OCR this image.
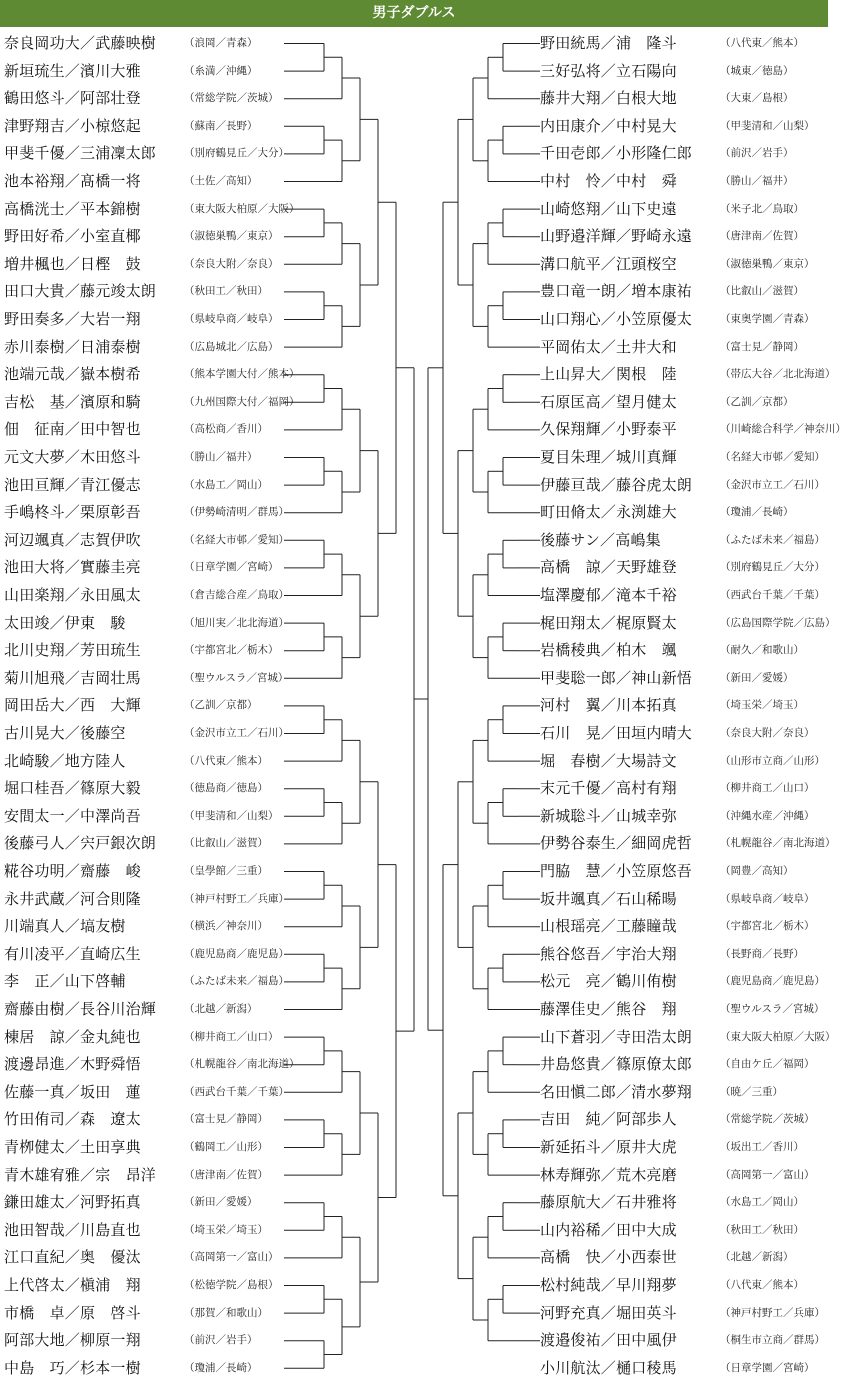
男子ダブルス
奈良岡功大／武藤映樹	（浪岡／青森）
新垣琉生／濱川大雅	（糸満／沖縄）
鶴田悠斗／阿部壮登	（常総学院／茨城）
津野翔吉／小椋悠起	（蘇南／長野）
甲斐千優／三浦凜太郎	（別府鶴見丘／大分）
池本裕翔／髙橋一将	（土佐／高知）
高橋洸士／平本錦樹	（東大阪大柏原／大阪）
野田好希／小室直椰	（淑徳巣鴨／東京）
増井楓也／日樫　鼓	（奈良大附／奈良）
田口大貴／藤元竣太朗	（秋田工／秋田）
野田奏多／大岩一翔	（県岐阜商／岐阜）
赤川泰樹／日浦泰樹	（広島城北／広島）
池端元哉／嶽本樹希	（熊本学園大付／熊本）
吉松　基／濱原和騎	（九州国際大付／福岡）
佃　征南／田中智也	（高松商／香川）
元文大夢／木田悠斗	（勝山／福井）
池田亘輝／青江優志	（水島工／岡山）
手嶋柊斗／栗原彰吾	（伊勢崎清明／群馬）
河辺颯真／志賀伊吹	（名経大市邨／愛知）
池田大将／實藤圭亮	（日章学園／宮崎）
山田楽翔／永田風太	（倉吉総合産／鳥取）
太田竣／伊東　駿	（旭川実／北北海道）
北川史翔／芳田琉生	（宇都宮北／栃木）
菊川旭飛／吉岡壮馬	（聖ウルスラ／宮城）
岡田岳大／西　大輝	（乙訓／京都）
古川晃大／後藤空	（金沢市立工／石川）
北崎駿／地方陸人	（八代東／熊本）
堀口桂吾／篠原大毅	（徳島商／徳島）
安間太一／中澤尚吾	（甲斐清和／山梨）
後藤弓人／宍戸銀次朗	（比叡山／滋賀）
糀谷功明／齋藤　峻	（皇學館／三重）
永井武蔵／河合則隆	（神戸村野工／兵庫）
川端真人／塙友樹	（横浜／神奈川）
有川凌平／直崎広生	（鹿児島商／鹿児島）
李　正／山下啓輔	（ふたば未来／福島）
齋藤由樹／長谷川治輝	（北越／新潟）
棟居　諒／金丸純也	（柳井商工／山口）
渡邊昂進／木野舜悟	（札幌龍谷／南北海道）
佐藤一真／坂田　蓮	（西武台千葉／千葉）
竹田侑司／森　遼太	（富士見／静岡）
青栁健太／土田享典	（鶴岡工／山形）
青木雄宥雅／宗　昂洋	（唐津南／佐賀）
鎌田雄太／河野拓真	（新田／愛媛）
池田智哉／川島直也	（埼玉栄／埼玉）
江口直紀／奥　優汰	（高岡第一／富山）
上代啓太／槇浦　翔	（松徳学院／島根）
市橋　卓／原　啓斗	（那賀／和歌山）
阿部大地／柳原一翔	（前沢／岩手）
中島　巧／杉本一樹	（瓊浦／長崎）
野田統馬／浦　隆斗	（八代東／熊本）
三好弘将／立石陽向	（城東／徳島）
藤井大翔／白根大地	（大東／島根）
内田康介／中村晃大	（甲斐清和／山梨）
千田壱郎／小形隆仁郎	（前沢／岩手）
中村　怜／中村　舜	（勝山／福井）
山崎悠翔／山下史遠	（米子北／鳥取）
山野邉洋輝／野崎永遠	（唐津南／佐賀）
溝口航平／江頭桜空	（淑徳巣鴨／東京）
豊口竜一朗／増本康祐	（比叡山／滋賀）
山口翔心／小笠原優太	（東奥学園／青森）
平岡佑太／土井大和	（富士見／静岡）
上山昇大／関根　陸	（帯広大谷／北北海道）
石原匡高／望月健太	（乙訓／京都）
久保翔輝／小野泰平	（川崎総合科学／神奈川）
夏目朱理／城川真輝	（名経大市邨／愛知）
伊藤亘哉／藤谷虎太朗	（金沢市立工／石川）
町田脩太／永渕雄大	（瓊浦／長崎）
後藤サン／高嶋集	（ふたば未来／福島）
高橋　諒／天野雄登	（別府鶴見丘／大分）
塩澤慶郁／滝本千裕	（西武台千葉／千葉）
梶田翔太／梶原賢太	（広島国際学院／広島）
岩橋稜典／柏木　颯	（耐久／和歌山）
甲斐聡一郎／神山新悟	（新田／愛媛）
河村　翼／川本拓真	（埼玉栄／埼玉）
石川　晃／田垣内晴大	（奈良大附／奈良）
堀　春樹／大場詩文	（山形市立商／山形）
末元千優／高村有翔	（柳井商工／山口）
新城聡斗／山城幸弥	（沖縄水産／沖縄）
伊勢谷泰生／細岡虎哲	（札幌龍谷／南北海道）
門脇　慧／小笠原悠吾	（岡豊／高知）
坂井颯真／石山稀暘	（県岐阜商／岐阜）
山根瑶亮／工藤瞳哉	（宇都宮北／栃木）
熊谷悠吾／宇治大翔	（長野商／長野）
松元　亮／鶴川侑樹	（鹿児島商／鹿児島）
藤澤佳史／熊谷　翔	（聖ウルスラ／宮城）
山下蒼羽／寺田浩太朗	（東大阪大柏原／大阪）
井島悠貴／篠原僚太郎	（自由ケ丘／福岡）
名田愼二郎／清水夢翔	（暁／三重）
吉田　純／阿部歩人	（常総学院／茨城）
新延拓斗／原井大虎	（坂出工／香川）
林寿輝弥／荒木亮磨	（高岡第一／富山）
藤原航大／石井雅将	（水島工／岡山）
山内裕稀／田中大成	（秋田工／秋田）
高橋　快／小西泰世	（北越／新潟）
松村純哉／早川翔夢	（八代東／熊本）
河野充真／堀田英斗	（神戸村野工／兵庫）
渡邉俊祐／田中風伊	（桐生市立商／群馬）
小川航汰／樋口稜馬	（日章学園／宮崎）
